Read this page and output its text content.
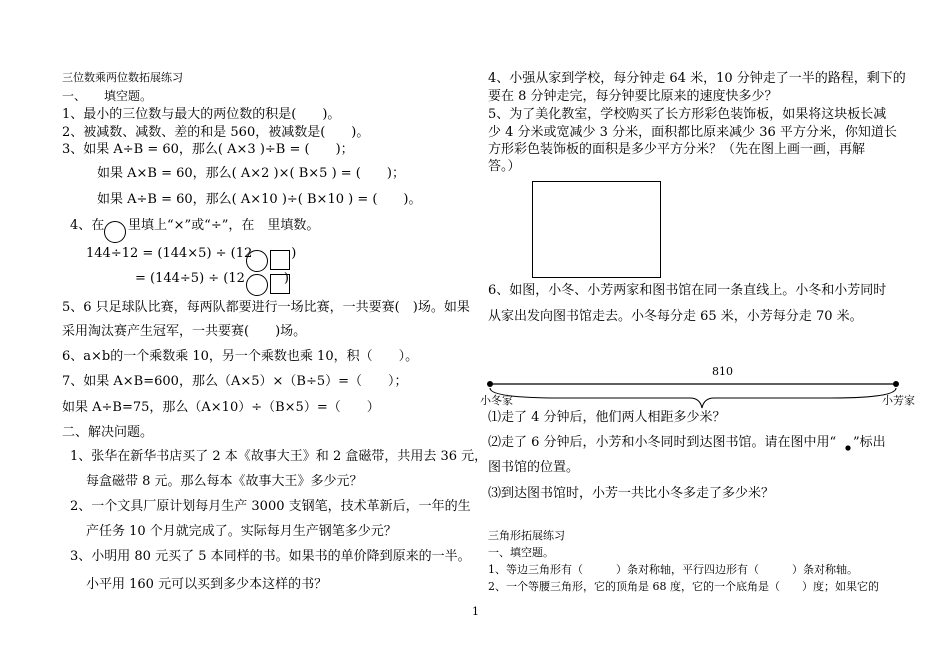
三位数乘两位数拓展练习
一、　　填空题。
1、最小的三位数与最大的两位数的积是(　　)。
2、被减数、减数、差的和是 560，被减数是(　　)。
3、如果 A÷B = 60，那么( A×3 )÷B = (　　)；
如果 A×B = 60，那么( A×2 )×( B×5 ) = (　　)；
如果 A÷B = 60，那么( A×10 )÷( B×10 ) = (　　)。
4、在 里填上“×”或“÷”，在　里填数。
144÷12 = (144×5) ÷ (12　　　)
= (144÷5) ÷ (12　　　)
5、6 只足球队比赛，每两队都要进行一场比赛，一共要赛(　)场。如果
采用淘汰赛产生冠军，一共要赛(　　)场。
6、a×b的一个乘数乘 10，另一个乘数也乘 10，积（　　）。
7、如果 A×B=600，那么（A×5）×（B÷5）=（　　）；
如果 A÷B=75，那么（A×10）÷（B×5）=（　　）
二、解决问题。
1、张华在新华书店买了 2 本《故事大王》和 2 盒磁带，共用去 36 元，
每盒磁带 8 元。那么每本《故事大王》多少元？
2、一个文具厂原计划每月生产 3000 支钢笔，技术革新后，一年的生
产任务 10 个月就完成了。实际每月生产钢笔多少元？
3、小明用 80 元买了 5 本同样的书。如果书的单价降到原来的一半。
小平用 160 元可以买到多少本这样的书？
4、小强从家到学校，每分钟走 64 米，10 分钟走了一半的路程，剩下的
要在 8 分钟走完，每分钟要比原来的速度快多少？
5、为了美化教室，学校购买了长方形彩色装饰板，如果将这块板长减
少 4 分米或宽减少 3 分米，面积都比原来减少 36 平方分米，你知道长
方形彩色装饰板的面积是多少平方分米？（先在图上画一画，再解
答。）
6、如图，小冬、小芳两家和图书馆在同一条直线上。小冬和小芳同时
从家出发向图书馆走去。小冬每分走 65 米，小芳每分走 70 米。
810
小冬家	小芳家
⑴走了 4 分钟后，他们两人相距多少米？
⑵走了 6 分钟后，小芳和小冬同时到达图书馆。请在图中用“ ”标出
图书馆的位置。
⑶到达图书馆时，小芳一共比小冬多走了多少米？
三角形拓展练习
一、填空题。
1、等边三角形有（　　　）条对称轴，平行四边形有（　　　）条对称轴。
2、一个等腰三角形，它的顶角是 68 度，它的一个底角是（　　）度；如果它的
1
